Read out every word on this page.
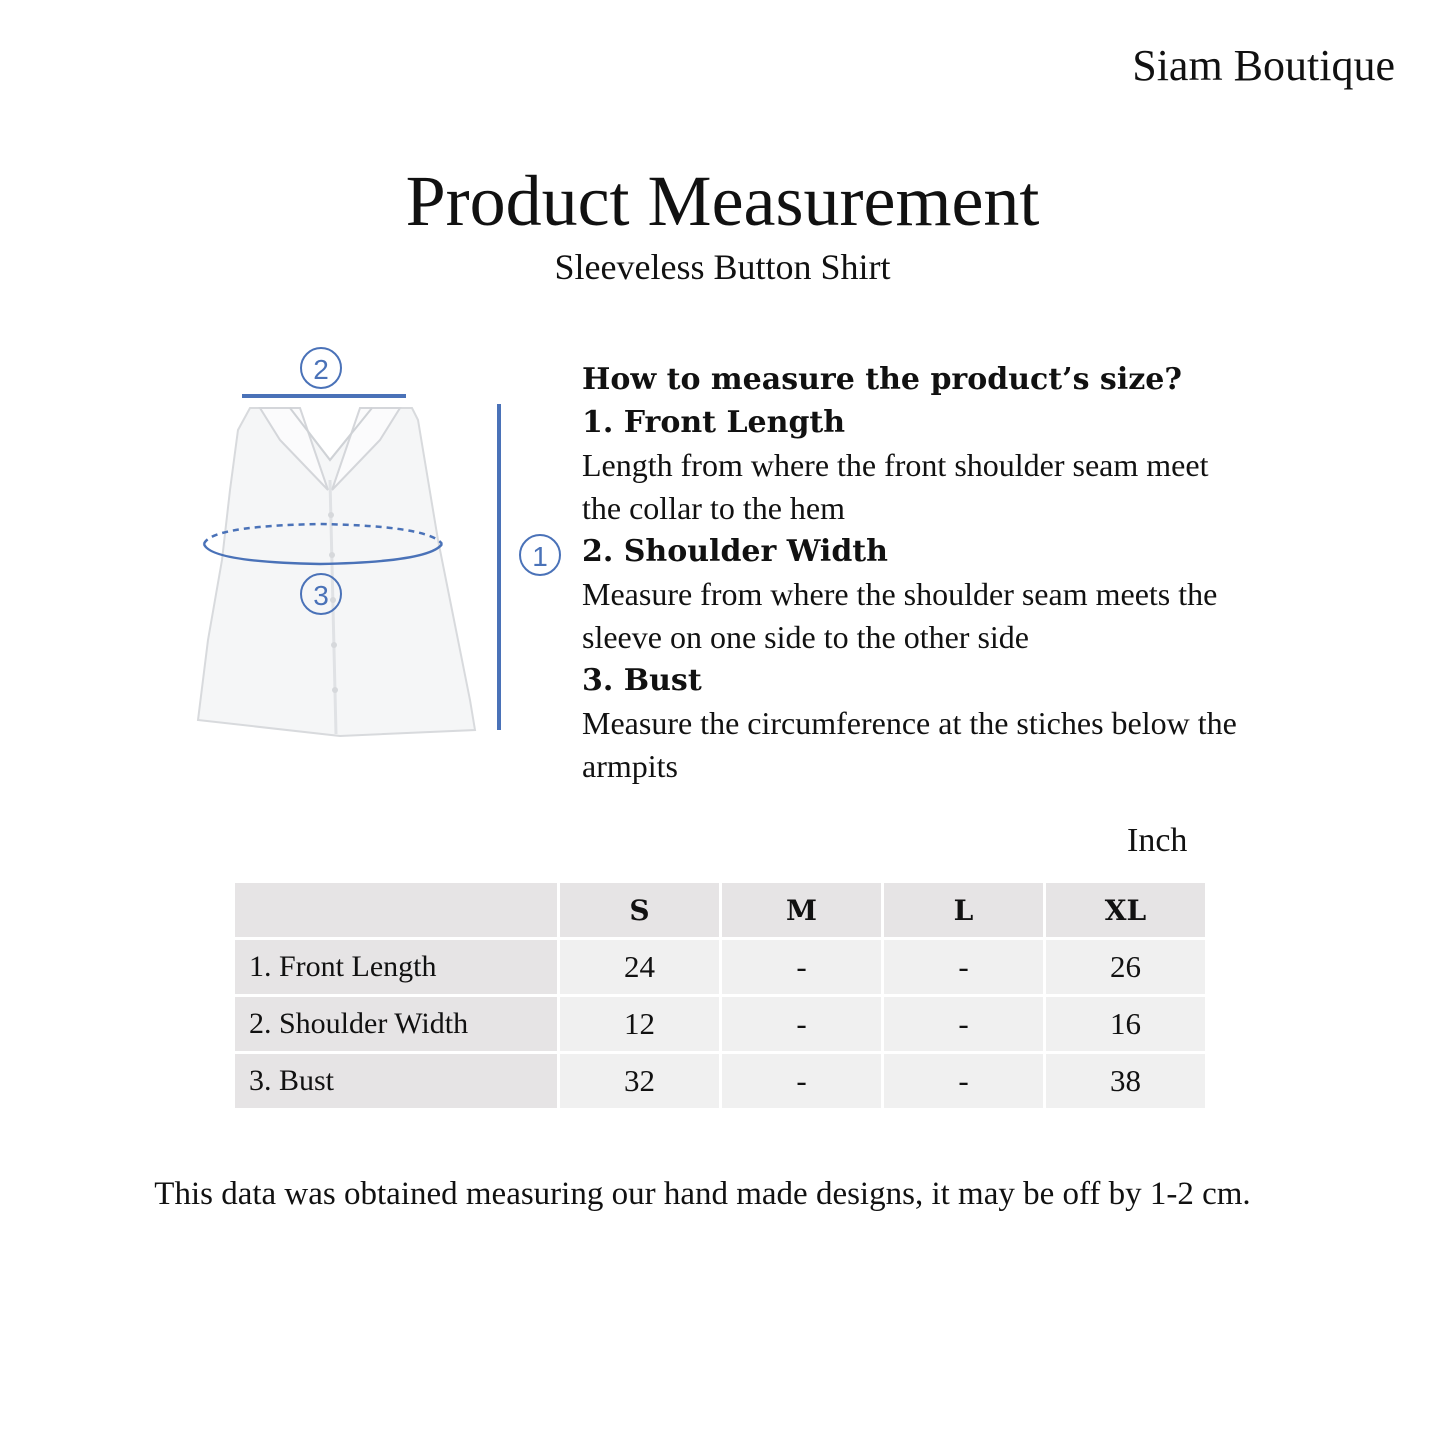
Siam Boutique
Product Measurement
Sleeveless Button Shirt
2
3
1

How to measure the product’s size?

1. Front Length

Length from where the front shoulder seam meet the collar to the hem

2. Shoulder Width

Measure from where the shoulder seam meets the sleeve on one side to the other side

3. Bust

Measure the circumference at the stiches below the armpits

Inch
	S	M	L	XL
1. Front Length	24	-	-	26
2. Shoulder Width	12	-	-	16
3. Bust	32	-	-	38
This data was obtained measuring our hand made designs, it may be off by 1-2 cm.
